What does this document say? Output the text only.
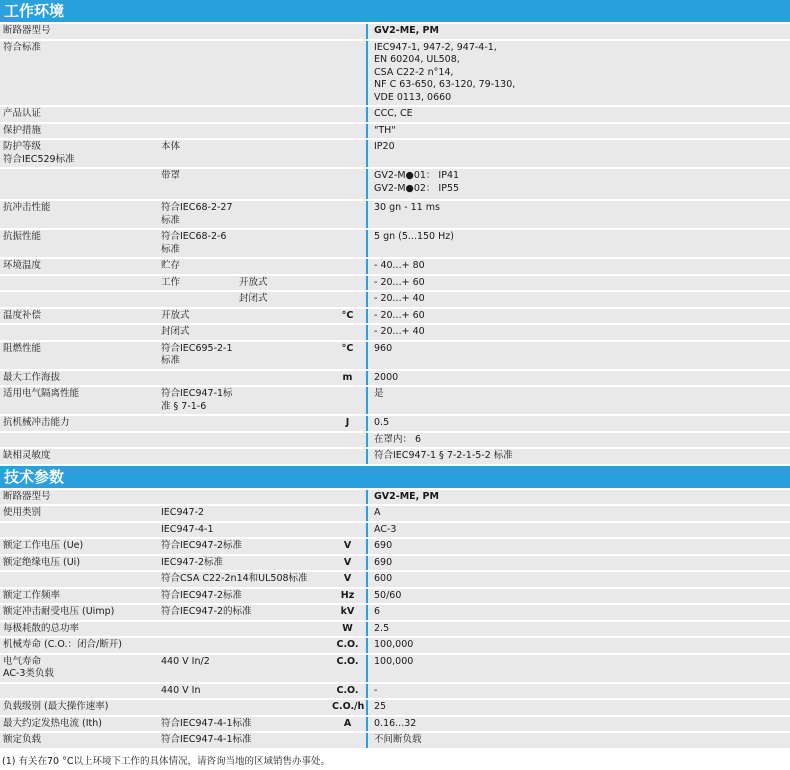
工作环境
断路器型号				GV2-ME, PM
符合标准				IEC947-1, 947-2, 947-4-1,
EN 60204, UL508,
CSA C22-2 n°14,
NF C 63-650, 63-120, 79-130,
VDE 0113, 0660
产品认证				CCC, CE
保护措施				"TH"
防护等级
符合IEC529标准	本体			IP20
	带罩			GV2-M●01： IP41
GV2-M●02： IP55
抗冲击性能	符合IEC68-2-27标准			30 gn - 11 ms
抗振性能	符合IEC68-2-6标准			5 gn (5...150 Hz)
环境温度	贮存			- 40...+ 80
	工作	开放式		- 20...+ 60
		封闭式		- 20...+ 40
温度补偿	开放式		°C	- 20...+ 60
	封闭式			- 20...+ 40
阻燃性能	符合IEC695-2-1标准		°C	960
最大工作海拔			m	2000
适用电气隔离性能	符合IEC947-1标准 § 7-1-6			是
抗机械冲击能力			J	0.5
				在罩内： 6
缺相灵敏度				符合IEC947-1 § 7-2-1-5-2 标准
技术参数
断路器型号			GV2-ME, PM
使用类别	IEC947-2		A
	IEC947-4-1		AC-3
额定工作电压 (Ue)	符合IEC947-2标准	V	690
额定绝缘电压 (Ui)	IEC947-2标准	V	690
	符合CSA C22-2n14和UL508标准	V	600
额定工作频率	符合IEC947-2标准	Hz	50/60
额定冲击耐受电压 (Uimp)	符合IEC947-2的标准	kV	6
每极耗散的总功率		W	2.5
机械寿命 (C.O.：闭合/断开)		C.O.	100,000
电气寿命
AC-3类负载	440 V In/2	C.O.	100,000
	440 V In	C.O.	-
负载级别 (最大操作速率)		C.O./h	25
最大约定发热电流 (Ith)	符合IEC947-4-1标准	A	0.16...32
额定负载	符合IEC947-4-1标准		不间断负载
(1) 有关在70 °C以上环境下工作的具体情况，请咨询当地的区域销售办事处。
